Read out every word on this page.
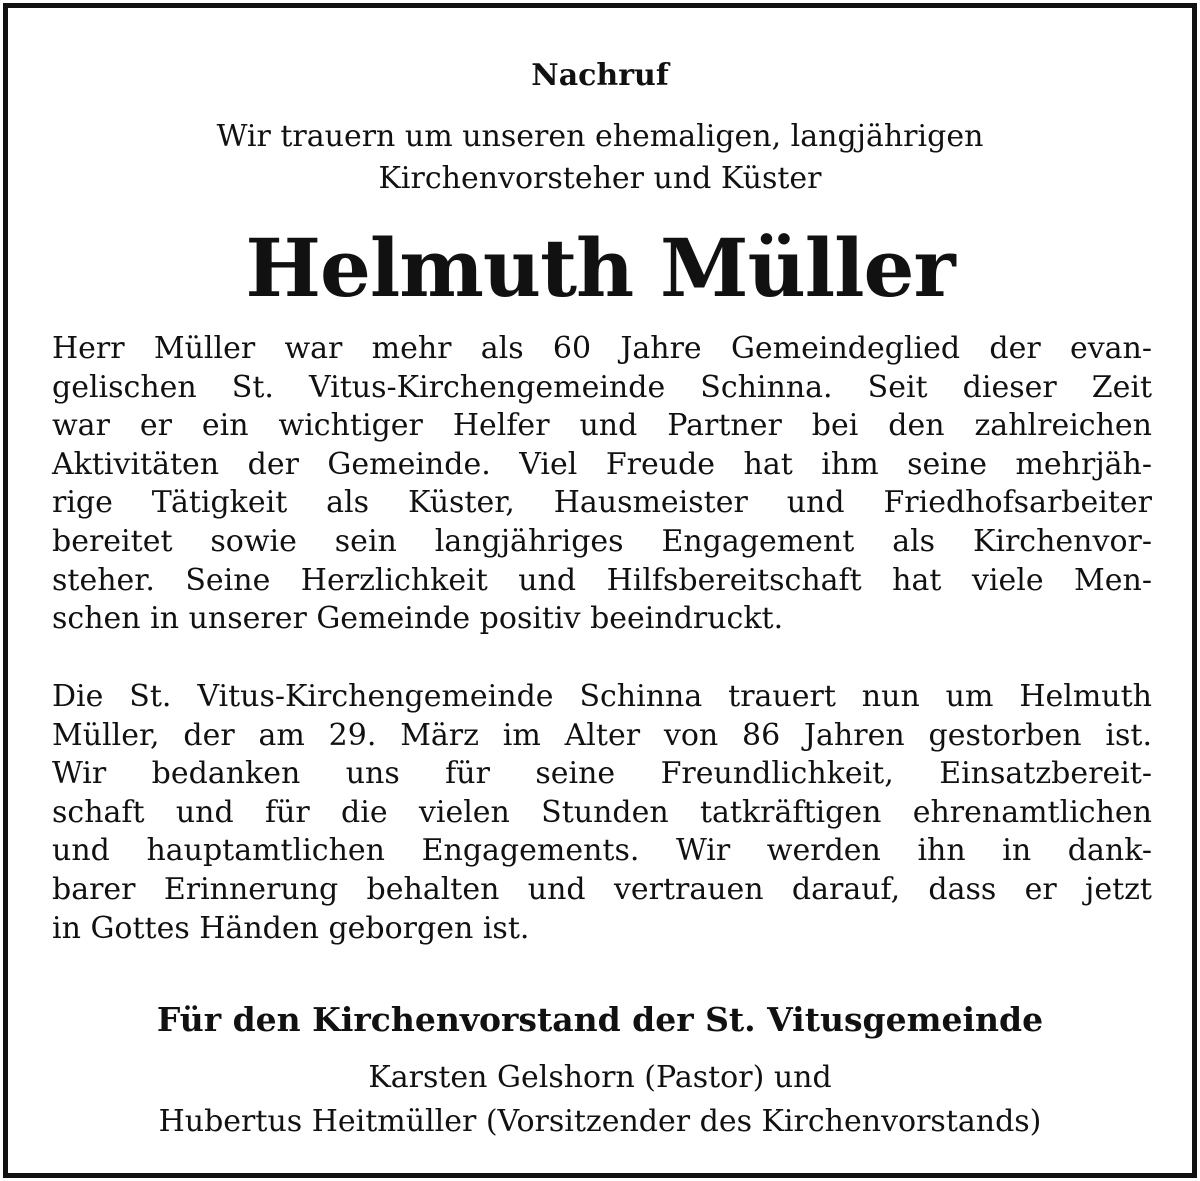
Nachruf
Wir trauern um unseren ehemaligen, langjährigen
Kirchenvorsteher und Küster
Helmuth Müller
Herr Müller war mehr als 60 Jahre Gemeindeglied der evan-
gelischen St. Vitus-Kirchengemeinde Schinna. Seit dieser Zeit
war er ein wichtiger Helfer und Partner bei den zahlreichen
Aktivitäten der Gemeinde. Viel Freude hat ihm seine mehrjäh-
rige Tätigkeit als Küster, Hausmeister und Friedhofsarbeiter
bereitet sowie sein langjähriges Engagement als Kirchenvor-
steher. Seine Herzlichkeit und Hilfsbereitschaft hat viele Men-
schen in unserer Gemeinde positiv beeindruckt.
Die St. Vitus-Kirchengemeinde Schinna trauert nun um Helmuth
Müller, der am 29. März im Alter von 86 Jahren gestorben ist.
Wir bedanken uns für seine Freundlichkeit, Einsatzbereit-
schaft und für die vielen Stunden tatkräftigen ehrenamtlichen
und hauptamtlichen Engagements. Wir werden ihn in dank-
barer Erinnerung behalten und vertrauen darauf, dass er jetzt
in Gottes Händen geborgen ist.
Für den Kirchenvorstand der St. Vitusgemeinde
Karsten Gelshorn (Pastor) und
Hubertus Heitmüller (Vorsitzender des Kirchenvorstands)
